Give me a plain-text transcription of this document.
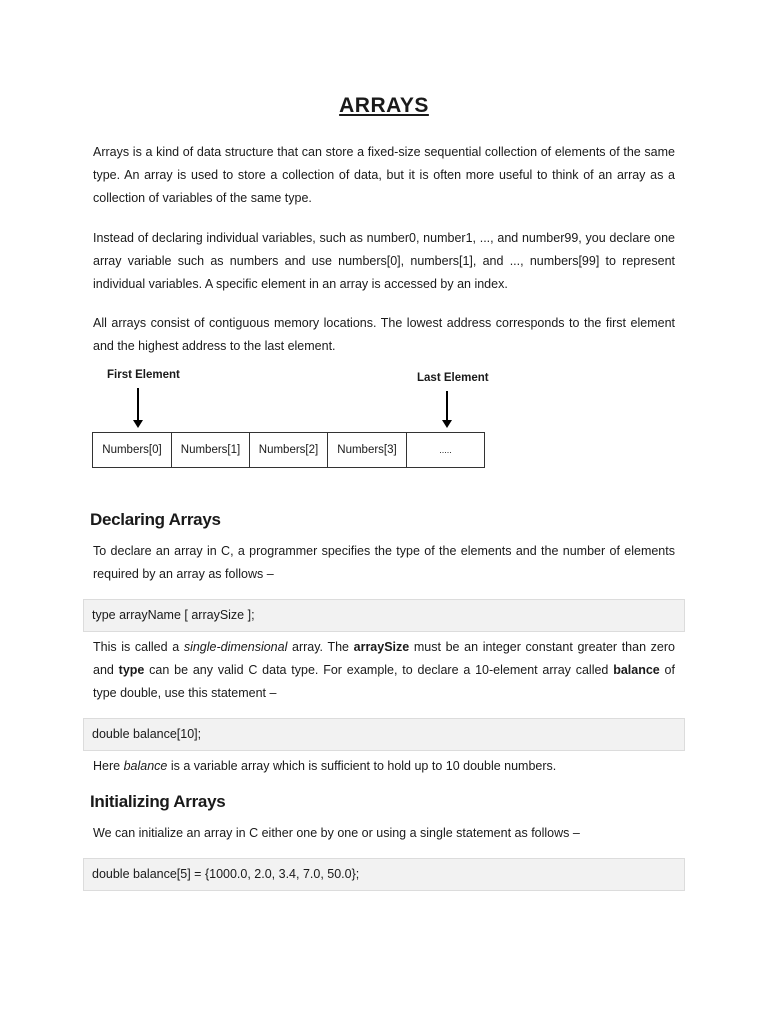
ARRAYS

Arrays is a kind of data structure that can store a fixed-size sequential collection of elements of the same type. An array is used to store a collection of data, but it is often more useful to think of an array as a collection of variables of the same type.

Instead of declaring individual variables, such as number0, number1, ..., and number99, you declare one array variable such as numbers and use numbers[0], numbers[1], and ..., numbers[99] to represent individual variables. A specific element in an array is accessed by an index.

All arrays consist of contiguous memory locations. The lowest address corresponds to the first element and the highest address to the last element.

First Element	Last Element
Numbers[0]	Numbers[1]	Numbers[2]	Numbers[3]	.....
Declaring Arrays

To declare an array in C, a programmer specifies the type of the elements and the number of elements required by an array as follows –

type arrayName [ arraySize ];

This is called a single-dimensional array. The arraySize must be an integer constant greater than zero and type can be any valid C data type. For example, to declare a 10-element array called balance of type double, use this statement –

double balance[10];

Here balance is a variable array which is sufficient to hold up to 10 double numbers.

Initializing Arrays

We can initialize an array in C either one by one or using a single statement as follows –

double balance[5] = {1000.0, 2.0, 3.4, 7.0, 50.0};
